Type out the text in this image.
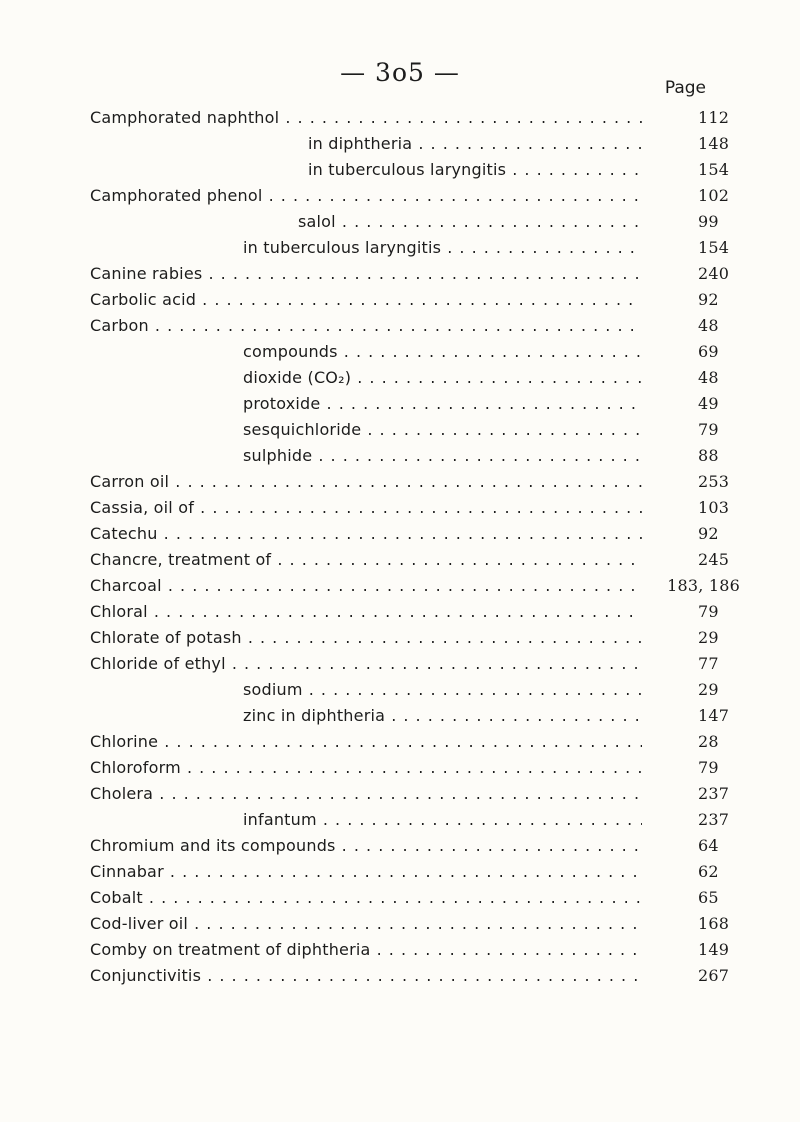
— 3o5 —
Page
Camphorated naphthol . . .	112
in diphtheria . . .	148
in tuberculous laryngitis . . .	154
Camphorated phenol . . .	102
salol . . .	99
in tuberculous laryngitis . . .	154
Canine rabies . . .	240
Carbolic acid . . .	92
Carbon . . .	48
compounds . . .	69
dioxide (CO₂) . . .	48
protoxide . . .	49
sesquichloride . . .	79
sulphide . . .	88
Carron oil . . .	253
Cassia, oil of . . .	103
Catechu . . .	92
Chancre, treatment of . . .	245
Charcoal . . .	183, 186
Chloral . . .	79
Chlorate of potash . . .	29
Chloride of ethyl . . .	77
sodium . . .	29
zinc in diphtheria . . .	147
Chlorine . . .	28
Chloroform . . .	79
Cholera . . .	237
infantum . . .	237
Chromium and its compounds . . .	64
Cinnabar . . .	62
Cobalt . . .	65
Cod-liver oil . . .	168
Comby on treatment of diphtheria . . .	149
Conjunctivitis . . .	267
